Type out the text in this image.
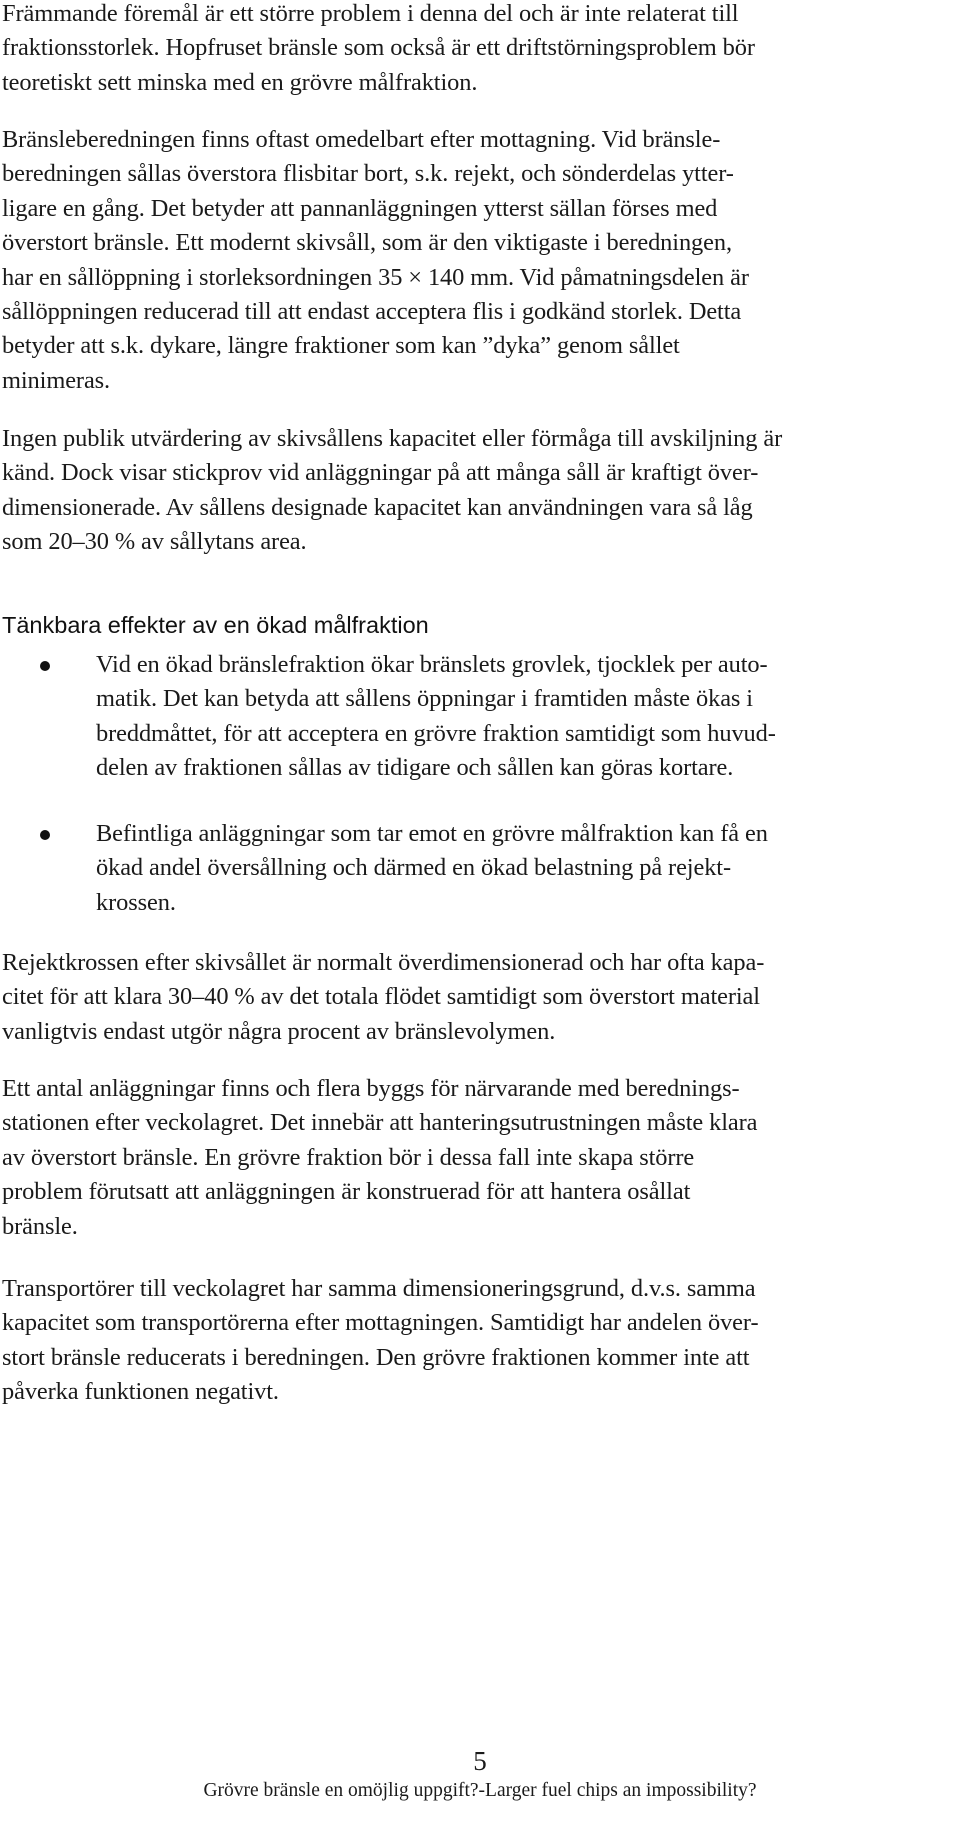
Främmande föremål är ett större problem i denna del och är inte relaterat till
fraktionsstorlek. Hopfruset bränsle som också är ett driftstörningsproblem bör
teoretiskt sett minska med en grövre målfraktion.

Bränsleberedningen finns oftast omedelbart efter mottagning. Vid bränsle-
beredningen sållas överstora flisbitar bort, s.k. rejekt, och sönderdelas ytter-
ligare en gång. Det betyder att pannanläggningen ytterst sällan förses med
överstort bränsle. Ett modernt skivsåll, som är den viktigaste i beredningen,
har en sållöppning i storleksordningen 35 × 140 mm. Vid påmatningsdelen är
sållöppningen reducerad till att endast acceptera flis i godkänd storlek. Detta
betyder att s.k. dykare, längre fraktioner som kan ”dyka” genom sållet
minimeras.

Ingen publik utvärdering av skivsållens kapacitet eller förmåga till avskiljning är
känd. Dock visar stickprov vid anläggningar på att många såll är kraftigt över-
dimensionerade. Av sållens designade kapacitet kan användningen vara så låg
som 20–30 % av sållytans area.

Tänkbara effekter av en ökad målfraktion

Vid en ökad bränslefraktion ökar bränslets grovlek, tjocklek per auto-
matik. Det kan betyda att sållens öppningar i framtiden måste ökas i
breddmåttet, för att acceptera en grövre fraktion samtidigt som huvud-
delen av fraktionen sållas av tidigare och sållen kan göras kortare.

Befintliga anläggningar som tar emot en grövre målfraktion kan få en
ökad andel översållning och därmed en ökad belastning på rejekt-
krossen.

Rejektkrossen efter skivsållet är normalt överdimensionerad och har ofta kapa-
citet för att klara 30–40 % av det totala flödet samtidigt som överstort material
vanligtvis endast utgör några procent av bränslevolymen.

Ett antal anläggningar finns och flera byggs för närvarande med berednings-
stationen efter veckolagret. Det innebär att hanteringsutrustningen måste klara
av överstort bränsle. En grövre fraktion bör i dessa fall inte skapa större
problem förutsatt att anläggningen är konstruerad för att hantera osållat
bränsle.

Transportörer till veckolagret har samma dimensioneringsgrund, d.v.s. samma
kapacitet som transportörerna efter mottagningen. Samtidigt har andelen över-
stort bränsle reducerats i beredningen. Den grövre fraktionen kommer inte att
påverka funktionen negativt.

5
Grövre bränsle en omöjlig uppgift?-Larger fuel chips an impossibility?
